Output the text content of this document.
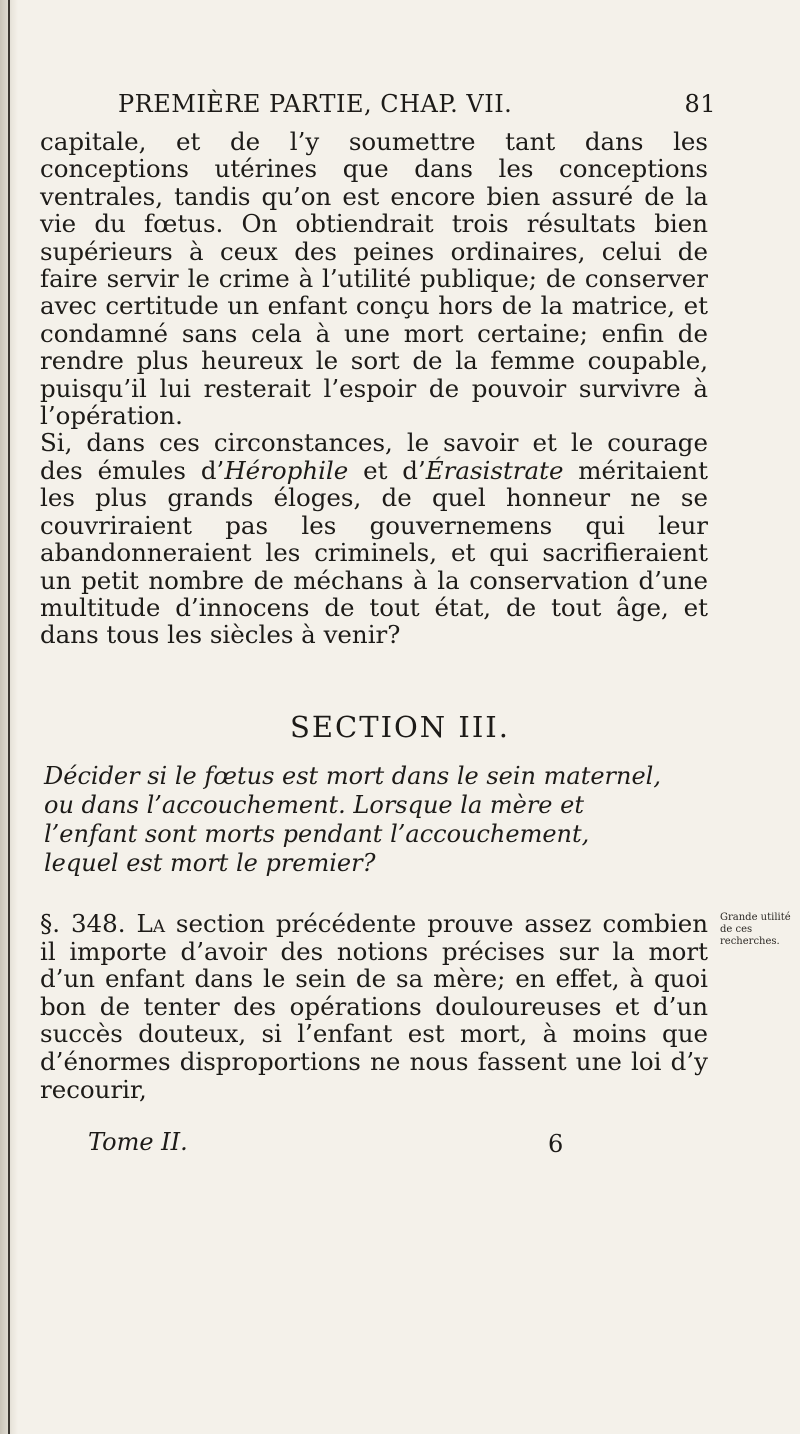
PREMIÈRE PARTIE, CHAP. VII.	81

capitale, et de l’y soumettre tant dans les conceptions utérines que dans les conceptions ventrales, tandis qu’on est encore bien assuré de la vie du fœtus. On obtiendrait trois résultats bien supérieurs à ceux des peines ordinaires, celui de faire servir le crime à l’utilité publique; de conserver avec certitude un enfant conçu hors de la matrice, et condamné sans cela à une mort certaine; enfin de rendre plus heureux le sort de la femme coupable, puisqu’il lui resterait l’espoir de pouvoir survivre à l’opération.

Si, dans ces circonstances, le savoir et le courage des émules d’Hérophile et d’Érasistrate méritaient les plus grands éloges, de quel honneur ne se couvriraient pas les gouvernemens qui leur abandonneraient les criminels, et qui sacrifieraient un petit nombre de méchans à la conservation d’une multitude d’innocens de tout état, de tout âge, et dans tous les siècles à venir?

SECTION III.
Décider si le fœtus est mort dans le sein maternel, ou dans l’accouchement. Lorsque la mère et l’enfant sont morts pendant l’accouchement, lequel est mort le premier?
§. 348. La section précédente prouve assez combien il importe d’avoir des notions précises sur la mort d’un enfant dans le sein de sa mère; en effet, à quoi bon de tenter des opérations douloureuses et d’un succès douteux, si l’enfant est mort, à moins que d’énormes disproportions ne nous fassent une loi d’y recourir,
Grande utilité de ces recherches.
Tome II.	6
